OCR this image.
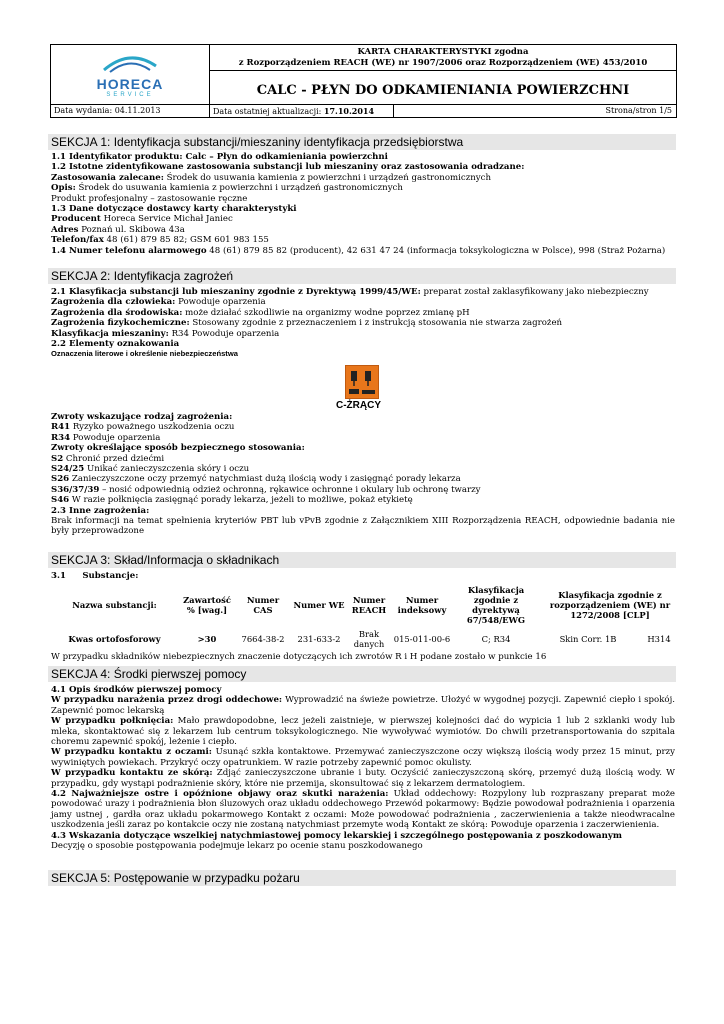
HORECA
SERVICE
KARTA CHARAKTERYSTYKI zgodna
z Rozporządzeniem REACH (WE) nr 1907/2006 oraz Rozporządzeniem (WE) 453/2010
CALC - PŁYN DO ODKAMIENIANIA POWIERZCHNI
Data wydania: 04.11.2013	Data ostatniej aktualizacji: 17.10.2014	Strona/stron 1/5
SEKCJA 1: Identyfikacja substancji/mieszaniny identyfikacja przedsiębiorstwa

1.1 Identyfikator produktu: Calc – Płyn do odkamieniania powierzchni

1.2 Istotne zidentyfikowane zastosowania substancji lub mieszaniny oraz zastosowania odradzane:

Zastosowania zalecane: Środek do usuwania kamienia z powierzchni i urządzeń gastronomicznych

Opis: Środek do usuwania kamienia z powierzchni i urządzeń gastronomicznych

Produkt profesjonalny – zastosowanie ręczne

1.3 Dane dotyczące dostawcy karty charakterystyki

Producent Horeca Service Michał Janiec

Adres Poznań ul. Skibowa 43a

Telefon/fax 48 (61) 879 85 82; GSM 601 983 155

1.4 Numer telefonu alarmowego 48 (61) 879 85 82 (producent), 42 631 47 24 (informacja toksykologiczna w Polsce), 998 (Straż Pożarna)

SEKCJA 2: Identyfikacja zagrożeń

2.1 Klasyfikacja substancji lub mieszaniny zgodnie z Dyrektywą 1999/45/WE: preparat został zaklasyfikowany jako niebezpieczny

Zagrożenia dla człowieka: Powoduje oparzenia

Zagrożenia dla środowiska: może działać szkodliwie na organizmy wodne poprzez zmianę pH

Zagrożenia fizykochemiczne: Stosowany zgodnie z przeznaczeniem i z instrukcją stosowania nie stwarza zagrożeń

Klasyfikacja mieszaniny: R34 Powoduje oparzenia

2.2 Elementy oznakowania

Oznaczenia literowe i określenie niebezpieczeństwa

C-ŻRĄCY

Zwroty wskazujące rodzaj zagrożenia:

R41 Ryzyko poważnego uszkodzenia oczu

R34 Powoduje oparzenia

Zwroty określające sposób bezpiecznego stosowania:

S2 Chronić przed dziećmi

S24/25 Unikać zanieczyszczenia skóry i oczu

S26 Zanieczyszczone oczy przemyć natychmiast dużą ilością wody i zasięgnąć porady lekarza

S36/37/39 – nosić odpowiednią odzież ochronną, rękawice ochronne i okulary lub ochronę twarzy

S46 W razie połknięcia zasięgnąć porady lekarza, jeżeli to możliwe, pokaż etykietę

2.3 Inne zagrożenia:

Brak informacji na temat spełnienia kryteriów PBT lub vPvB zgodnie z Załącznikiem XIII Rozporządzenia REACH, odpowiednie badania nie były przeprowadzone

SEKCJA 3: Skład/Informacja o składnikach

3.1 Substancje:

Nazwa substancji:	Zawartość % [wag.]	Numer CAS	Numer WE	Numer REACH	Numer indeksowy	Klasyfikacja zgodnie z dyrektywą 67/548/EWG	Klasyfikacja zgodnie z rozporządzeniem (WE) nr 1272/2008 [CLP]	
Kwas ortofosforowy	>30	7664-38-2	231-633-2	Brak danych	015-011-00-6	C; R34	Skin Corr. 1B	H314
W przypadku składników niebezpiecznych znaczenie dotyczących ich zwrotów R i H podane zostało w punkcie 16
SEKCJA 4: Środki pierwszej pomocy

4.1 Opis środków pierwszej pomocy

W przypadku narażenia przez drogi oddechowe: Wyprowadzić na świeże powietrze. Ułożyć w wygodnej pozycji. Zapewnić ciepło i spokój. Zapewnić pomoc lekarską

W przypadku połknięcia: Mało prawdopodobne, lecz jeżeli zaistnieje, w pierwszej kolejności dać do wypicia 1 lub 2 szklanki wody lub mleka, skontaktować się z lekarzem lub centrum toksykologicznego. Nie wywoływać wymiotów. Do chwili przetransportowania do szpitala choremu zapewnić spokój, leżenie i ciepło.

W przypadku kontaktu z oczami: Usunąć szkła kontaktowe. Przemywać zanieczyszczone oczy większą ilością wody przez 15 minut, przy wywiniętych powiekach. Przykryć oczy opatrunkiem. W razie potrzeby zapewnić pomoc okulisty.

W przypadku kontaktu ze skórą: Zdjąć zanieczyszczone ubranie i buty. Oczyścić zanieczyszczoną skórę, przemyć dużą ilością wody. W przypadku, gdy wystąpi podrażnienie skóry, które nie przemija, skonsultować się z lekarzem dermatologiem.

4.2 Najważniejsze ostre i opóźnione objawy oraz skutki narażenia: Układ oddechowy: Rozpylony lub rozpraszany preparat może powodować urazy i podrażnienia błon śluzowych oraz układu oddechowego Przewód pokarmowy: Będzie powodował podrażnienia i oparzenia jamy ustnej , gardła oraz układu pokarmowego Kontakt z oczami: Może powodować podrażnienia , zaczerwienienia a także nieodwracalne uszkodzenia jeśli zaraz po kontakcie oczy nie zostaną natychmiast przemyte wodą Kontakt ze skórą: Powoduje oparzenia i zaczerwienienia.

4.3 Wskazania dotyczące wszelkiej natychmiastowej pomocy lekarskiej i szczególnego postępowania z poszkodowanym

Decyzję o sposobie postępowania podejmuje lekarz po ocenie stanu poszkodowanego

SEKCJA 5: Postępowanie w przypadku pożaru
